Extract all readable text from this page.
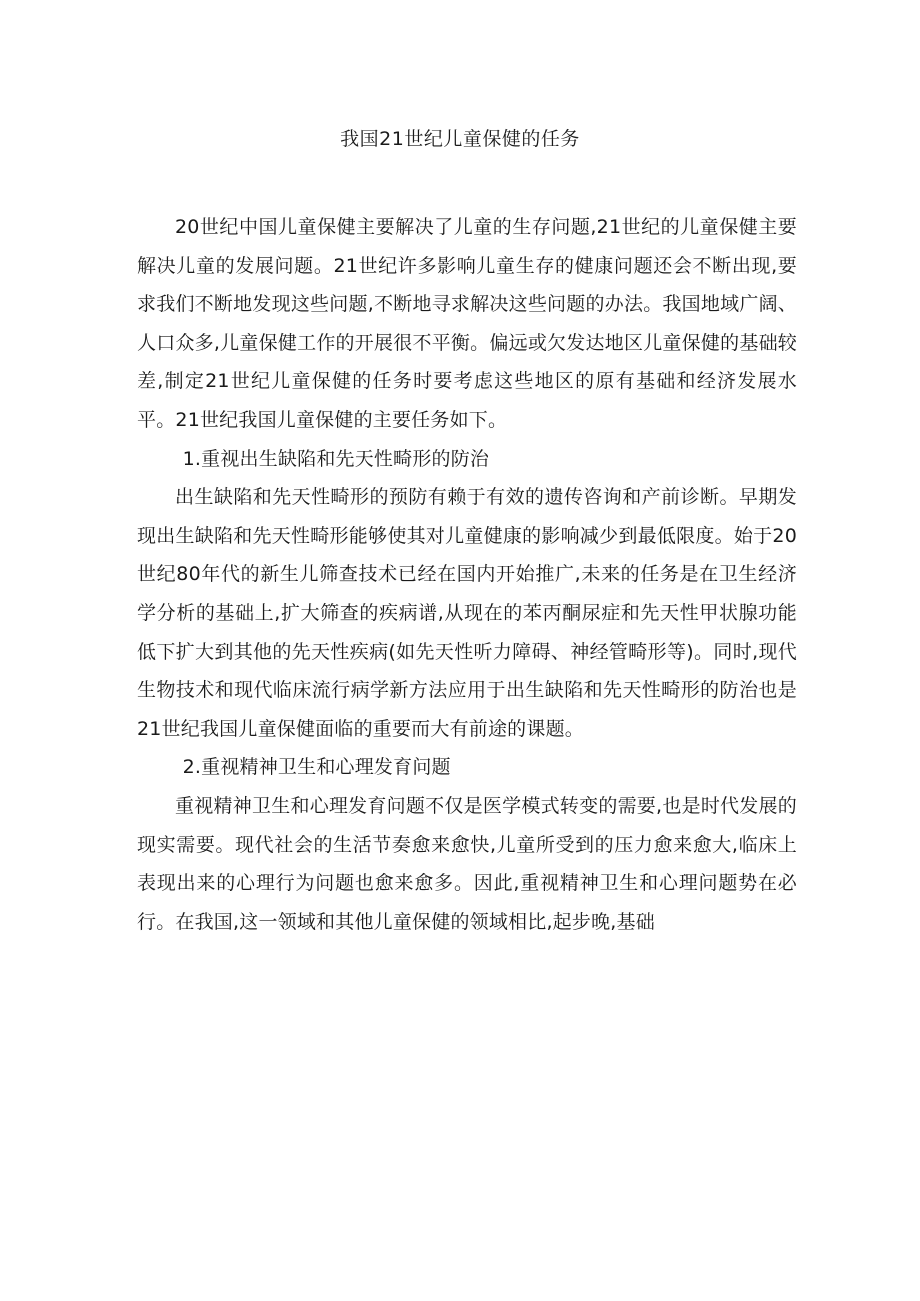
我国21世纪儿童保健的任务

20世纪中国儿童保健主要解决了儿童的生存问题,21世纪的儿童保健主要解决儿童的发展问题。21世纪许多影响儿童生存的健康问题还会不断出现,要求我们不断地发现这些问题,不断地寻求解决这些问题的办法。我国地域广阔、人口众多,儿童保健工作的开展很不平衡。偏远或欠发达地区儿童保健的基础较差,制定21世纪儿童保健的任务时要考虑这些地区的原有基础和经济发展水平。21世纪我国儿童保健的主要任务如下。

1.重视出生缺陷和先天性畸形的防治

出生缺陷和先天性畸形的预防有赖于有效的遗传咨询和产前诊断。早期发现出生缺陷和先天性畸形能够使其对儿童健康的影响减少到最低限度。始于20世纪80年代的新生儿筛查技术已经在国内开始推广,未来的任务是在卫生经济学分析的基础上,扩大筛查的疾病谱,从现在的苯丙酮尿症和先天性甲状腺功能低下扩大到其他的先天性疾病(如先天性听力障碍、神经管畸形等)。同时,现代生物技术和现代临床流行病学新方法应用于出生缺陷和先天性畸形的防治也是21世纪我国儿童保健面临的重要而大有前途的课题。

2.重视精神卫生和心理发育问题

重视精神卫生和心理发育问题不仅是医学模式转变的需要,也是时代发展的现实需要。现代社会的生活节奏愈来愈快,儿童所受到的压力愈来愈大,临床上表现出来的心理行为问题也愈来愈多。因此,重视精神卫生和心理问题势在必行。在我国,这一领域和其他儿童保健的领域相比,起步晚,基础
